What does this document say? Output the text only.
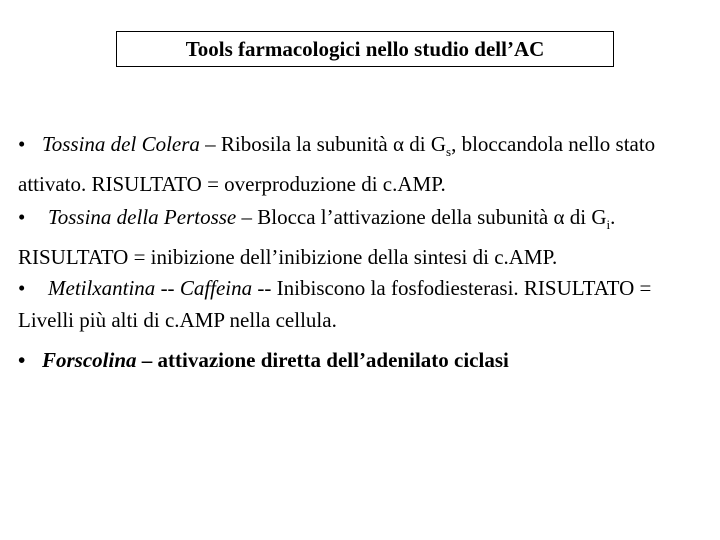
Tools farmacologici nello studio dell’AC
• Tossina del Colera – Ribosila la subunità α di $G_s$, bloccandola nello stato attivato. RISULTATO = overproduzione di c.AMP.
• Tossina della Pertosse – Blocca l’attivazione della subunità α di $G_i$. RISULTATO = inibizione dell’inibizione della sintesi di c.AMP.
• Metilxantina -- Caffeina -- Inibiscono la fosfodiesterasi. RISULTATO = Livelli più alti di c.AMP nella cellula.
• Forscolina – attivazione diretta dell’adenilato ciclasi
